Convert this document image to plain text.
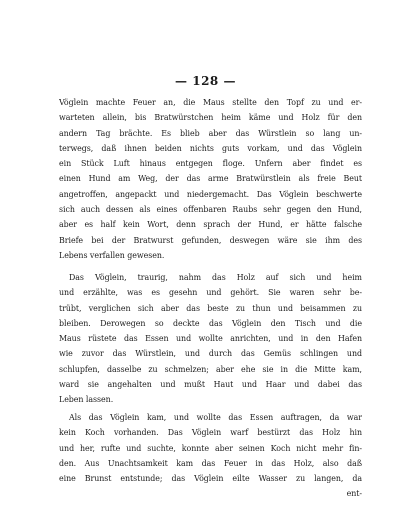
— 128 —
Vöglein machte Feuer an, die Maus stellte den Topf zu und er-
warteten allein, bis Bratwürstchen heim käme und Holz für den
andern Tag brächte. Es blieb aber das Würstlein so lang un-
terwegs, daß ihnen beiden nichts guts vorkam, und das Vöglein
ein Stück Luft hinaus entgegen floge. Unfern aber findet es
einen Hund am Weg, der das arme Bratwürstlein als freie Beut
angetroffen, angepackt und niedergemacht. Das Vöglein beschwerte
sich auch dessen als eines offenbaren Raubs sehr gegen den Hund,
aber es half kein Wort, denn sprach der Hund, er hätte falsche
Briefe bei der Bratwurst gefunden, deswegen wäre sie ihm des
Lebens verfallen gewesen.
Das Vöglein, traurig, nahm das Holz auf sich und heim
und erzählte, was es gesehn und gehört. Sie waren sehr be-
trübt, verglichen sich aber das beste zu thun und beisammen zu
bleiben. Derowegen so deckte das Vöglein den Tisch und die
Maus rüstete das Essen und wollte anrichten, und in den Hafen
wie zuvor das Würstlein, und durch das Gemüs schlingen und
schlupfen, dasselbe zu schmelzen; aber ehe sie in die Mitte kam,
ward sie angehalten und mußt Haut und Haar und dabei das
Leben lassen.
Als das Vöglein kam, und wollte das Essen auftragen, da war
kein Koch vorhanden. Das Vöglein warf bestürzt das Holz hin
und her, rufte und suchte, konnte aber seinen Koch nicht mehr fin-
den. Aus Unachtsamkeit kam das Feuer in das Holz, also daß
eine Brunst entstunde; das Vöglein eilte Wasser zu langen, da
ent-
